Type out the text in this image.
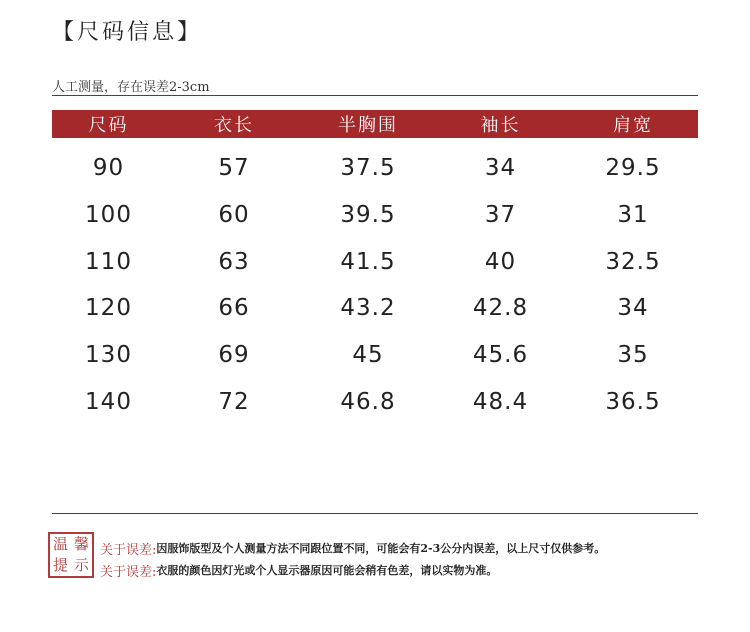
【尺码信息】
人工测量，存在误差2-3cm
尺码	衣长	半胸围	袖长	肩宽
90	57	37.5	34	29.5
100	60	39.5	37	31
110	63	41.5	40	32.5
120	66	43.2	42.8	34
130	69	45	45.6	35
140	72	46.8	48.4	36.5
温 馨
提 示
关于误差: 因服饰版型及个人测量方法不同跟位置不同，可能会有2-3公分内误差，以上尺寸仅供参考。
关于误差: 衣服的颜色因灯光或个人显示器原因可能会稍有色差，请以实物为准。
